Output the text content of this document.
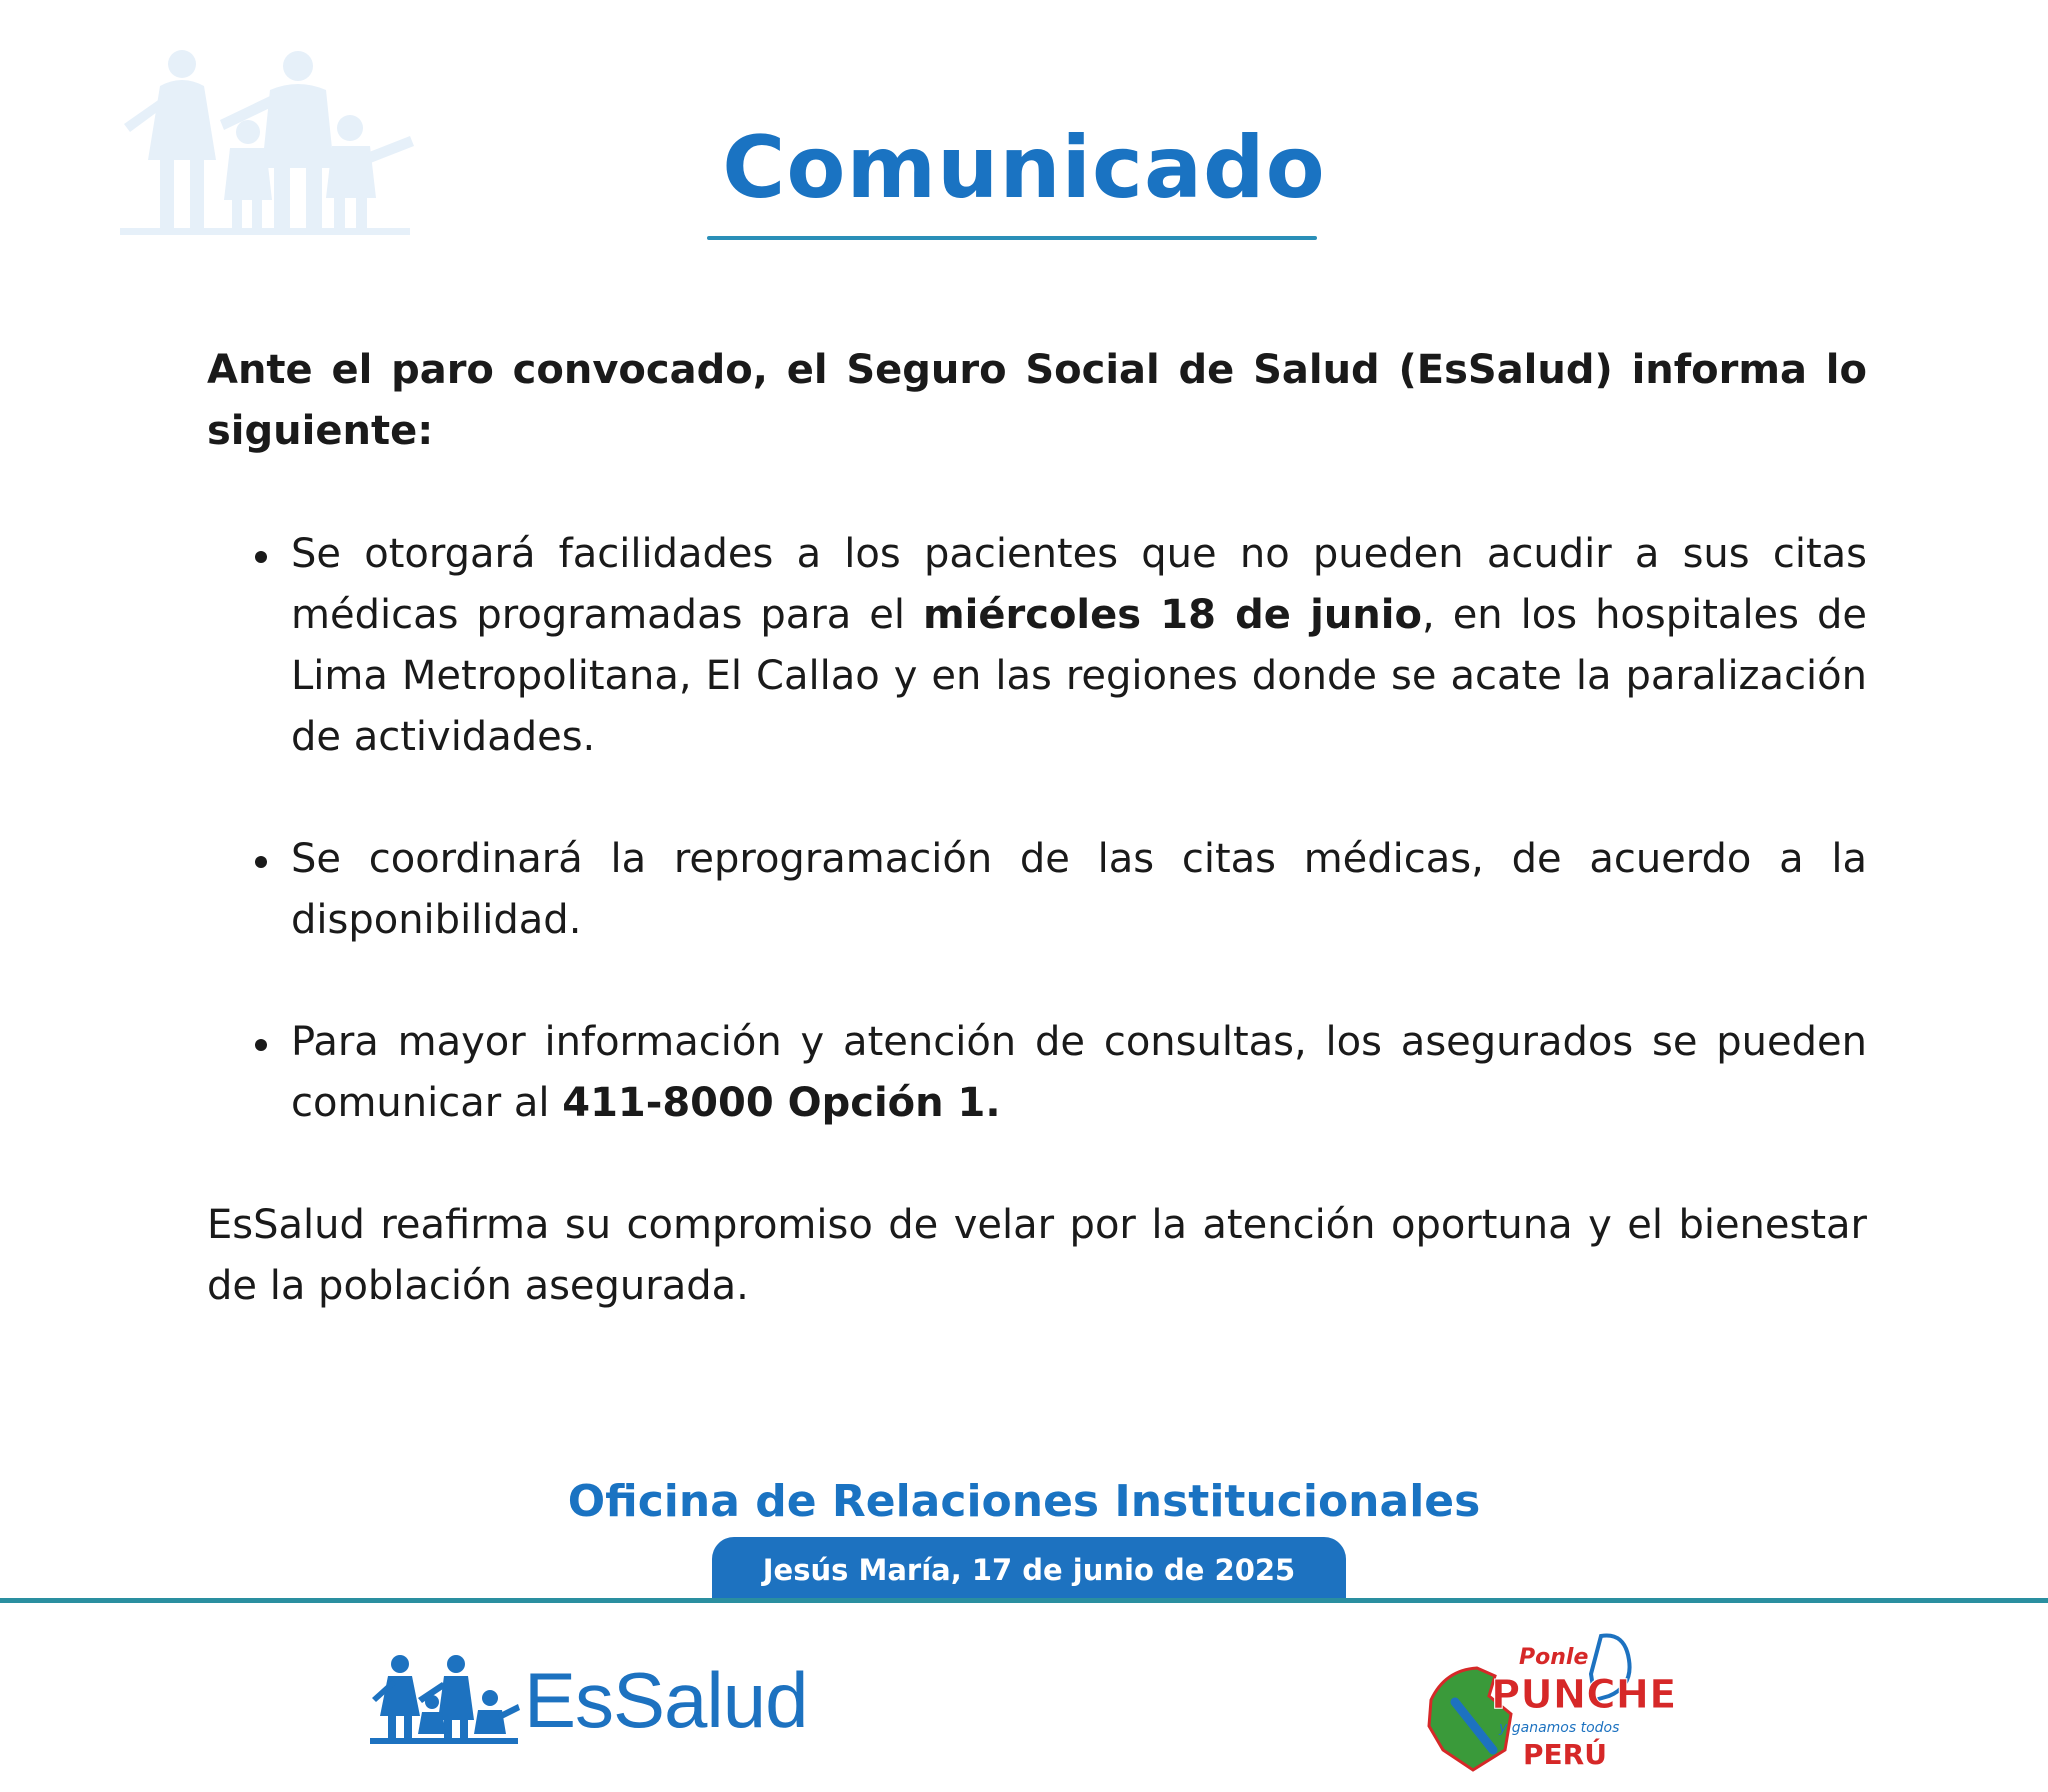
Comunicado

Ante el paro convocado, el Seguro Social de Salud (EsSalud) informa lo siguiente:

Se otorgará facilidades a los pacientes que no pueden acudir a sus citas médicas programadas para el miércoles 18 de junio, en los hospitales de Lima Metropolitana, El Callao y en las regiones donde se acate la paralización de actividades.
Se coordinará la reprogramación de las citas médicas, de acuerdo a la disponibilidad.
Para mayor información y atención de consultas, los asegurados se pueden comunicar al 411-8000 Opción 1.

EsSalud reafirma su compromiso de velar por la atención oportuna y el bienestar de la población asegurada.

Oficina de Relaciones Institucionales
Jesús María, 17 de junio de 2025
EsSalud	Ponle
PUNCHE
y ganamos todos
PERÚ
